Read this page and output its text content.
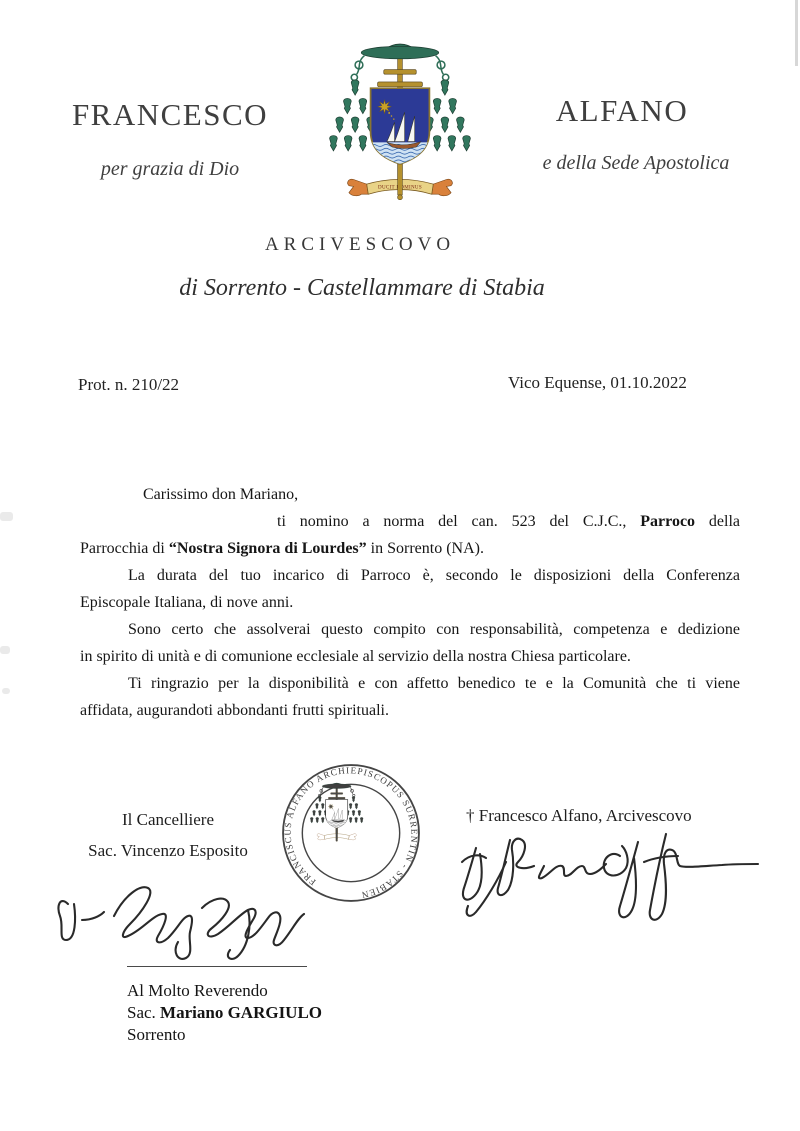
FRANCESCO
per grazia di Dio
ALFANO
e della Sede Apostolica
ARCIVESCOVO
di Sorrento - Castellammare di Stabia
Prot. n. 210/22	Vico Equense, 01.10.2022
Carissimo don Mariano,
ti nomino a norma del can. 523 del C.J.C., Parroco della
Parrocchia di “Nostra Signora di Lourdes” in Sorrento (NA).
La durata del tuo incarico di Parroco è, secondo le disposizioni della Conferenza
Episcopale Italiana, di nove anni.
Sono certo che assolverai questo compito con responsabilità, competenza e dedizione
in spirito di unità e di comunione ecclesiale al servizio della nostra Chiesa particolare.
Ti ringrazio per la disponibilità e con affetto benedico te e la Comunità che ti viene
affidata, augurandoti abbondanti frutti spirituali.
Il Cancelliere
Sac. Vincenzo Esposito
FRANCISCUS ALFANO ARCHIEPISCOPUS SURRENTIN - STABIEN
† Francesco Alfano, Arcivescovo
Al Molto Reverendo
Sac. Mariano GARGIULO
Sorrento
